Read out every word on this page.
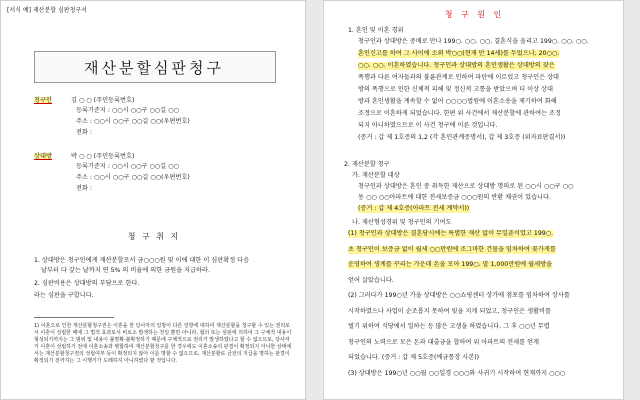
[서식 예] 재산분할 심판청구서
재산분할심판청구
청구인	김 ○ ○ (주민등록번호)
등록기준지 : ○○시 ○○구 ○○길 ○○
주소 : ○○시 ○○구 ○○길 ○○(우편번호)
전화 :
상대방	박 ○ ○ (주민등록번호)
등록기준지 : ○○시 ○○구 ○○길 ○○
주소 : ○○시 ○○구 ○○길 ○○(우편번호)
전화 :
청 구 취 지
1. 상대방은 청구인에게 재산분할로서 금○○○원 및 이에 대한 이 심판확정 다음
날부터 다 갚는 날까지 연 5% 의 비율에 의한 금원을 지급하라.
2. 심판비용은 상대방의 부담으로 한다.
라는 심판을 구합니다.
1) 이혼으로 인한 재산분할청구권은 이혼을 한 당사자의 일방이 다른 일방에 대하여 재산분할을 청구할 수 있는 권리로서 이혼이 성립한 때에 그 법적 효과로서 비로소 발생하는 것일 뿐만 아니라, 협의 또는 심판에 의하여 그 구체적 내용이 형성되기까지는 그 범위 및 내용이 불명확·불확정하기 때문에 구체적으로 권리가 발생하였다고 할 수 없으므로, 당사자가 이혼이 성립하기 전에 이혼소송과 병합하여 재산분할청구를 한 경우에도 이혼소송의 판결이 확정되지 아니한 상태에서는 재산분할청구권의 성립여부 등이 확정되지 않아 이를 명할 수 없으므로, 재산분할로 금전의 지급을 명하는 판결이 확정되기 전까지는 그 이행기가 도래하지 아니하였다 할 것입니다.
청 구 원 인
1. 혼인 및 이혼 경위
청구인과 상대방은 중매로 만나 199○. ○○. ○○. 결혼식을 올리고 199○. ○○. ○○.
혼인신고를 하여 그 사이에 소외 박○○(현재 만 14세)를 두었으나, 20○○.
○○. ○○. 이혼하였습니다. 청구인과 상대방의 혼인생활은 상대방의 잦은
폭행과 다른 여자들과의 불륜관계로 인하여 파탄에 이르렀고 청구인은 상대
방의 폭행으로 인한 신체적 피해 및 정신적 고통을 받았으며 더 이상 상대
방과 혼인생활을 계속할 수 없어 ○○○○법원에 이혼소송을 제기하여 화해
조정으로 이혼하게 되었습니다. 한편 위 사건에서 재산분할에 관하여는 조정
되지 아니하였으므로 이 사건 청구에 이른 것입니다.
(증거 : 갑 제 1호증의 1,2 (각 혼인관계증명서), 갑 제 3호증 (위자료판결서))
2. 재산분할 청구
가. 재산분할 대상
청구인과 상대방은 혼인 중 취득한 재산으로 상대방 명의로 된 ○○시 ○○구 ○○
동 ○○ ○○아파트에 대한 전세보증금 ○○○원의 반환 채권이 있습니다.
(증거 : 갑 제 4호증(아파트 전세 계약서))
나. 재산형성경위 및 청구인의 기여도
(1) 청구인과 상대방은 결혼당시에는 특별한 재산 없이 무일푼이었고 199○.
초 청구인이 보증금 없이 월세 ○○만원에 조그마한 건물을 임차하여 꽃가게를
운영하여 생계를 꾸리는 가운데 돈을 모아 199○. 말 1,000만원에 월세방을
얻어 살았습니다.
(2) 그러다가 199○년 가을 상대방은 ○○쇼핑센터 상가에 점포를 임차하여 장사를
시작하였으나 사업이 순조롭지 못하여 빚을 지게 되었고, 청구인은 생활비를
벌기 위하여 식당에서 일하는 등 많은 고생을 하였습니다. 그 후 ○○년 무렵
청구인의 노력으로 모은 돈과 대출금을 합하여 위 아파트의 전세를 얻게
되었습니다. (증거 : 갑 제 5호증(예금통장 사본))
(3) 상대방은 199○년 ○○월 ○○일경 ○○○와 사귀기 시작하여 현재까지 ○○○
